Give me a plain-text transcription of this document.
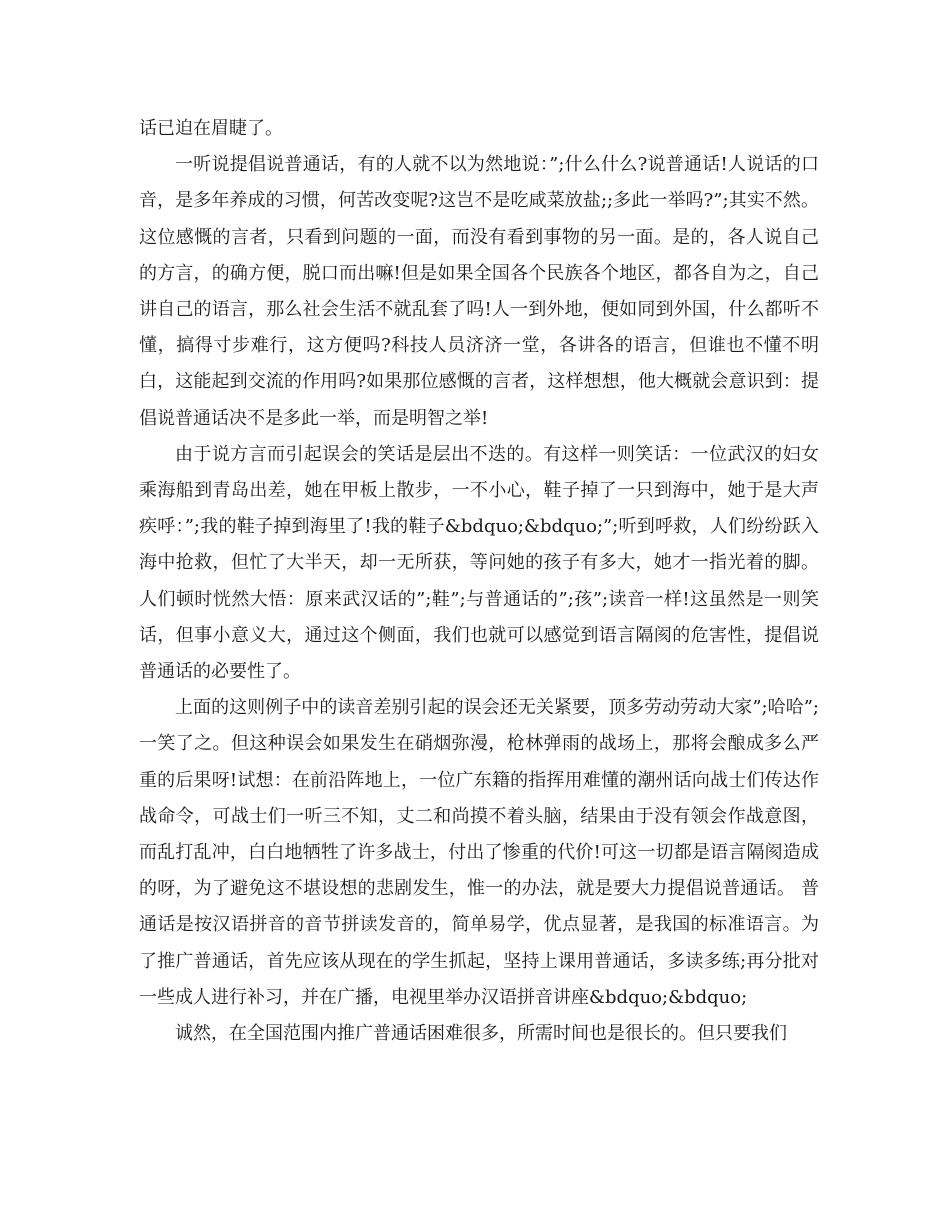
话已迫在眉睫了。

一听说提倡说普通话，有的人就不以为然地说：”;什么什么?说普通话!人说话的口音，是多年养成的习惯，何苦改变呢?这岂不是吃咸菜放盐;;多此一举吗?”;其实不然。这位感慨的言者，只看到问题的一面，而没有看到事物的另一面。是的，各人说自己的方言，的确方便，脱口而出嘛!但是如果全国各个民族各个地区，都各自为之，自己讲自己的语言，那么社会生活不就乱套了吗!人一到外地，便如同到外国，什么都听不懂，搞得寸步难行，这方便吗?科技人员济济一堂，各讲各的语言，但谁也不懂不明白，这能起到交流的作用吗?如果那位感慨的言者，这样想想，他大概就会意识到：提倡说普通话决不是多此一举，而是明智之举!

由于说方言而引起误会的笑话是层出不迭的。有这样一则笑话：一位武汉的妇女乘海船到青岛出差，她在甲板上散步，一不小心，鞋子掉了一只到海中，她于是大声疾呼：”;我的鞋子掉到海里了!我的鞋子&bdquo;&bdquo;”;听到呼救，人们纷纷跃入海中抢救，但忙了大半天，却一无所获，等问她的孩子有多大，她才一指光着的脚。人们顿时恍然大悟：原来武汉话的”;鞋”;与普通话的”;孩”;读音一样!这虽然是一则笑话，但事小意义大，通过这个侧面，我们也就可以感觉到语言隔阂的危害性，提倡说普通话的必要性了。

上面的这则例子中的读音差别引起的误会还无关紧要，顶多劳动劳动大家”;哈哈”;一笑了之。但这种误会如果发生在硝烟弥漫，枪林弹雨的战场上，那将会酿成多么严重的后果呀!试想：在前沿阵地上，一位广东籍的指挥用难懂的潮州话向战士们传达作战命令，可战士们一听三不知，丈二和尚摸不着头脑，结果由于没有领会作战意图，而乱打乱冲，白白地牺牲了许多战士，付出了惨重的代价!可这一切都是语言隔阂造成的呀，为了避免这不堪设想的悲剧发生，惟一的办法，就是要大力提倡说普通话。 普通话是按汉语拼音的音节拼读发音的，简单易学，优点显著，是我国的标准语言。为了推广普通话，首先应该从现在的学生抓起，坚持上课用普通话，多读多练;再分批对一些成人进行补习，并在广播，电视里举办汉语拼音讲座&bdquo;&bdquo;

诚然，在全国范围内推广普通话困难很多，所需时间也是很长的。但只要我们
